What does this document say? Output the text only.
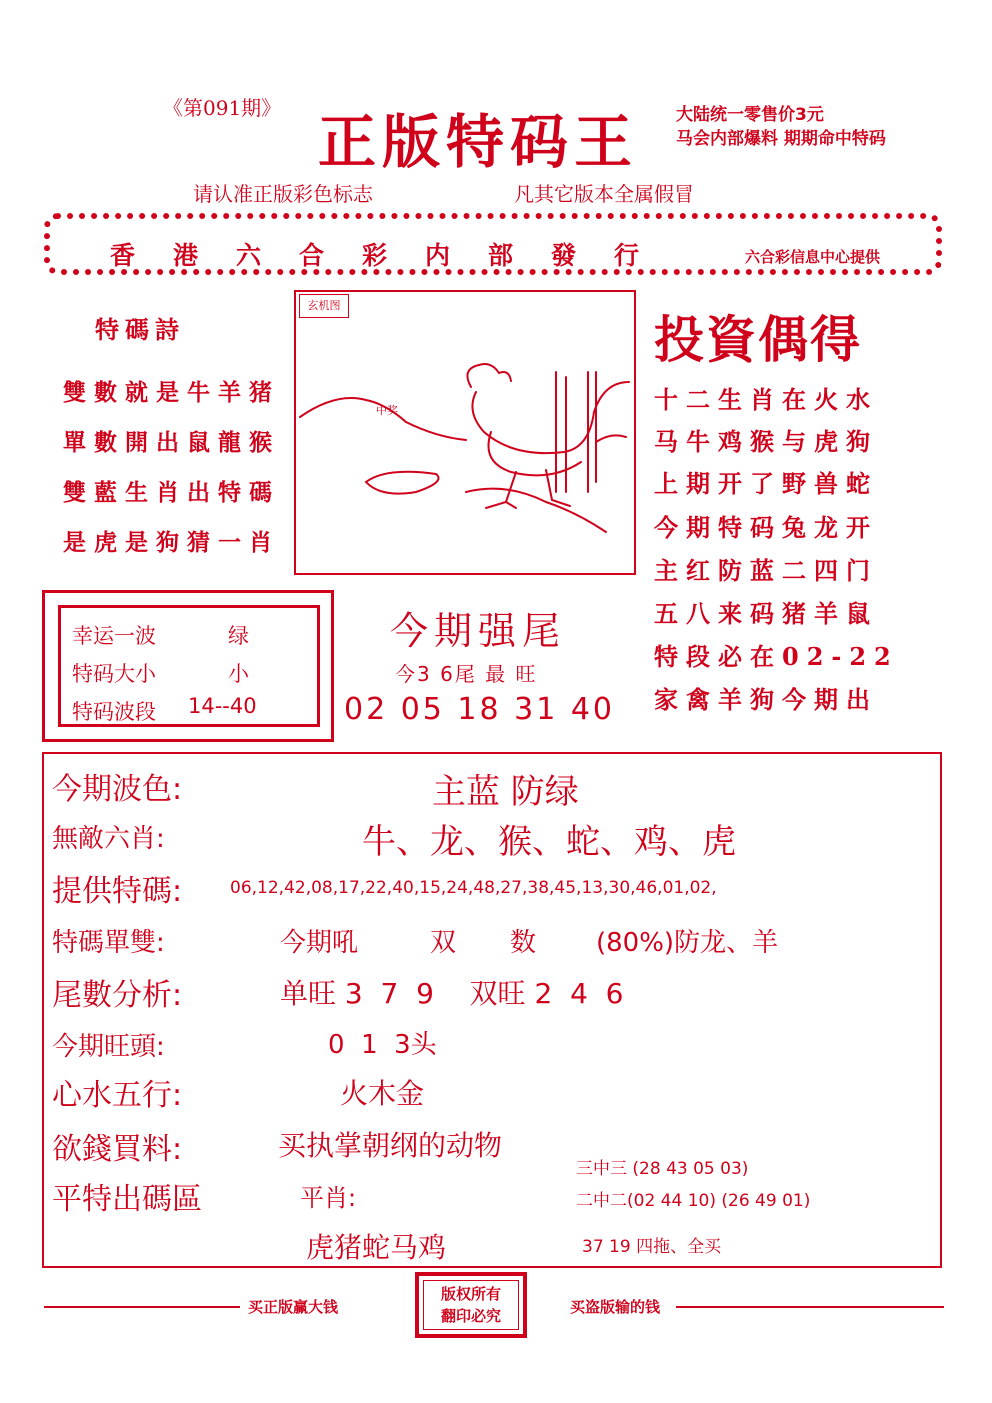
《第091期》 正版特码王 大陆统一零售价3元
马会内部爆料 期期命中特码
请认准正版彩色标志	凡其它版本全属假冒
香港六合彩内部發行	六合彩信息中心提供
特碼詩
雙數就是牛羊猪
單數開出鼠龍猴
雙藍生肖出特碼
是虎是狗猜一肖
玄机图
中奖
投資偶得
十二生肖在火水
马牛鸡猴与虎狗
上期开了野兽蛇
今期特码兔龙开
主红防蓝二四门
五八来码猪羊鼠
特段必在02-22
家禽羊狗今期出
幸运一波	绿
特码大小	小
特码波段 14--40
今期强尾
今3 6尾 最 旺
02 05 18 31 40
今期波色:	主蓝 防绿
無敵六肖:	牛、龙、猴、蛇、鸡、虎
提供特碼:	06,12,42,08,17,22,40,15,24,48,27,38,45,13,30,46,01,02,
特碼單雙:	今期吼	双 数 (80%)防龙、羊
尾數分析:	单旺 3  7  9    双旺 2  4  6
今期旺頭:	0  1  3头
心水五行:	火木金
欲錢買料:	买执掌朝纲的动物
平特出碼區	平肖:
虎猪蛇马鸡
三中三 (28 43 05 03)
二中二(02 44 10) (26 49 01)
37 19 四拖、全买
买正版赢大钱
版权所有
翻印必究	买盗版输的钱
